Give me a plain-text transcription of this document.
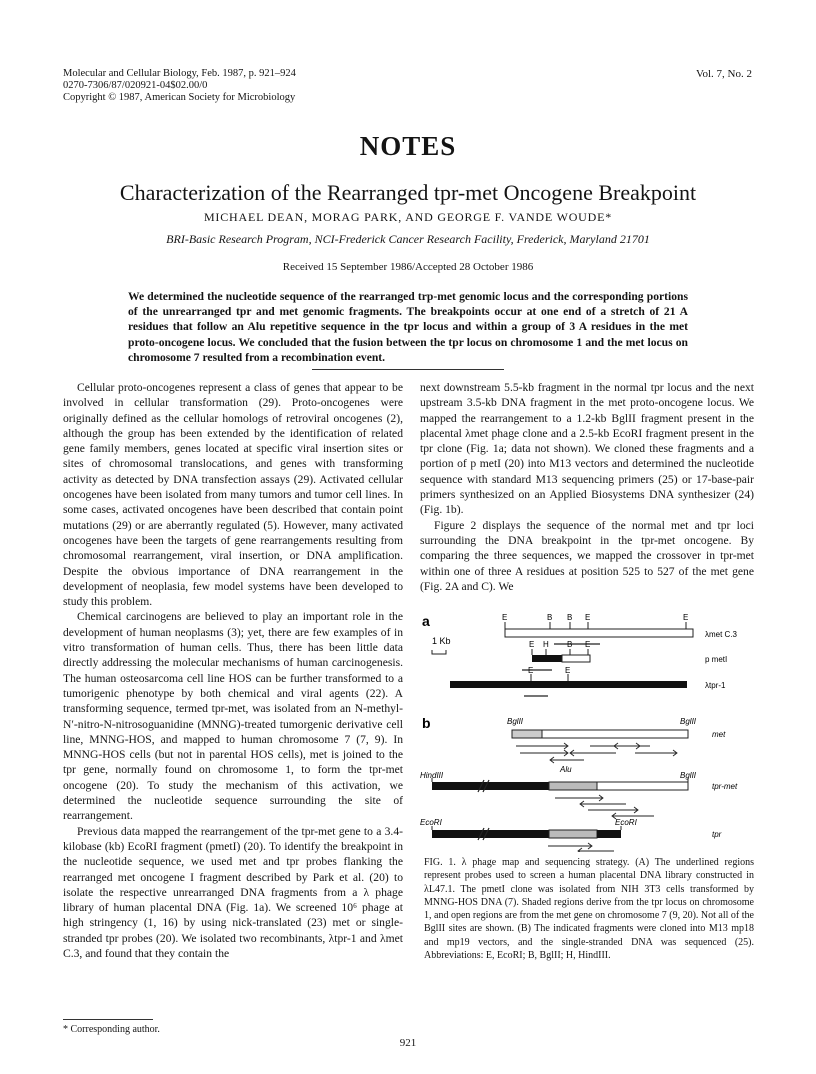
Molecular and Cellular Biology, Feb. 1987, p. 921–924
0270-7306/87/020921-04$02.00/0
Copyright © 1987, American Society for Microbiology
Vol. 7, No. 2
NOTES
Characterization of the Rearranged tpr-met Oncogene Breakpoint
MICHAEL DEAN, MORAG PARK, AND GEORGE F. VANDE WOUDE*
BRI-Basic Research Program, NCI-Frederick Cancer Research Facility, Frederick, Maryland 21701
Received 15 September 1986/Accepted 28 October 1986
We determined the nucleotide sequence of the rearranged trp-met genomic locus and the corresponding portions of the unrearranged tpr and met genomic fragments. The breakpoints occur at one end of a stretch of 21 A residues that follow an Alu repetitive sequence in the tpr locus and within a group of 3 A residues in the met proto-oncogene locus. We concluded that the fusion between the tpr locus on chromosome 1 and the met locus on chromosome 7 resulted from a recombination event.

Cellular proto-oncogenes represent a class of genes that appear to be involved in cellular transformation (29). Proto-oncogenes were originally defined as the cellular homologs of retroviral oncogenes (2), although the group has been extended by the identification of related gene family members, genes located at specific viral insertion sites or sites of chromosomal translocations, and genes with transforming activity as detected by DNA transfection assays (29). Activated cellular oncogenes have been isolated from many tumors and tumor cell lines. In some cases, activated oncogenes have been described that contain point mutations (29) or are aberrantly regulated (5). However, many activated oncogenes have been the targets of gene rearrangements resulting from chromosomal rearrangement, viral insertion, or DNA amplification. Despite the obvious importance of DNA rearrangement in the development of neoplasia, few model systems have been developed to study this problem.

Chemical carcinogens are believed to play an important role in the development of human neoplasms (3); yet, there are few examples of in vitro transformation of human cells. Thus, there has been little data directly addressing the molecular mechanisms of human carcinogenesis. The human osteosarcoma cell line HOS can be further transformed to a tumorigenic phenotype by both chemical and viral agents (22). A transforming sequence, termed tpr-met, was isolated from an N-methyl-N′-nitro-N-nitrosoguanidine (MNNG)-treated tumorgenic derivative cell line, MNNG-HOS, and mapped to human chromosome 7 (7, 9). In MNNG-HOS cells (but not in parental HOS cells), met is joined to the tpr gene, normally found on chromosome 1, to form the tpr-met oncogene (20). To study the mechanism of this activation, we determined the nucleotide sequence surrounding the site of rearrangement.

Previous data mapped the rearrangement of the tpr-met gene to a 3.4-kilobase (kb) EcoRI fragment (pmetI) (20). To identify the breakpoint in the nucleotide sequence, we used met and tpr probes flanking the rearranged met oncogene I fragment described by Park et al. (20) to isolate the respective unrearranged DNA fragments from a λ phage library of human placental DNA (Fig. 1a). We screened 10⁶ phage at high stringency (1, 16) by using nick-translated (23) met or single-stranded tpr probes (20). We isolated two recombinants, λtpr-1 and λmet C.3, and found that they contain the

next downstream 5.5-kb fragment in the normal tpr locus and the next upstream 3.5-kb DNA fragment in the met proto-oncogene locus. We mapped the rearrangement to a 1.2-kb BglII fragment present in the placental λmet phage clone and a 2.5-kb EcoRI fragment present in the tpr clone (Fig. 1a; data not shown). We cloned these fragments and a portion of p metI (20) into M13 vectors and determined the nucleotide sequence with standard M13 sequencing primers (25) or 17-base-pair primers synthesized on an Applied Biosystems DNA synthesizer (24) (Fig. 1b).

Figure 2 displays the sequence of the normal met and tpr loci surrounding the DNA breakpoint in the tpr-met oncogene. By comparing the three sequences, we mapped the crossover in tpr-met within one of three A residues at position 525 to 527 of the met gene (Fig. 2A and C). We

a
1 Kb
E	B B E	E
λmet C.3
E H B E
p metI
E	E
λtpr-1
b	BglII	BglII
met
HindIII
Alu
BglII
tpr-met
EcoRI	EcoRI
tpr
FIG. 1. λ phage map and sequencing strategy. (A) The underlined regions represent probes used to screen a human placental DNA library constructed in λL47.1. The pmetI clone was isolated from NIH 3T3 cells transformed by MNNG-HOS DNA (7). Shaded regions derive from the tpr locus on chromosome 1, and open regions are from the met gene on chromosome 7 (9, 20). Not all of the BglII sites are shown. (B) The indicated fragments were cloned into M13 mp18 and mp19 vectors, and the single-stranded DNA was sequenced (25). Abbreviations: E, EcoRI; B, BglII; H, HindIII.
* Corresponding author.
921
